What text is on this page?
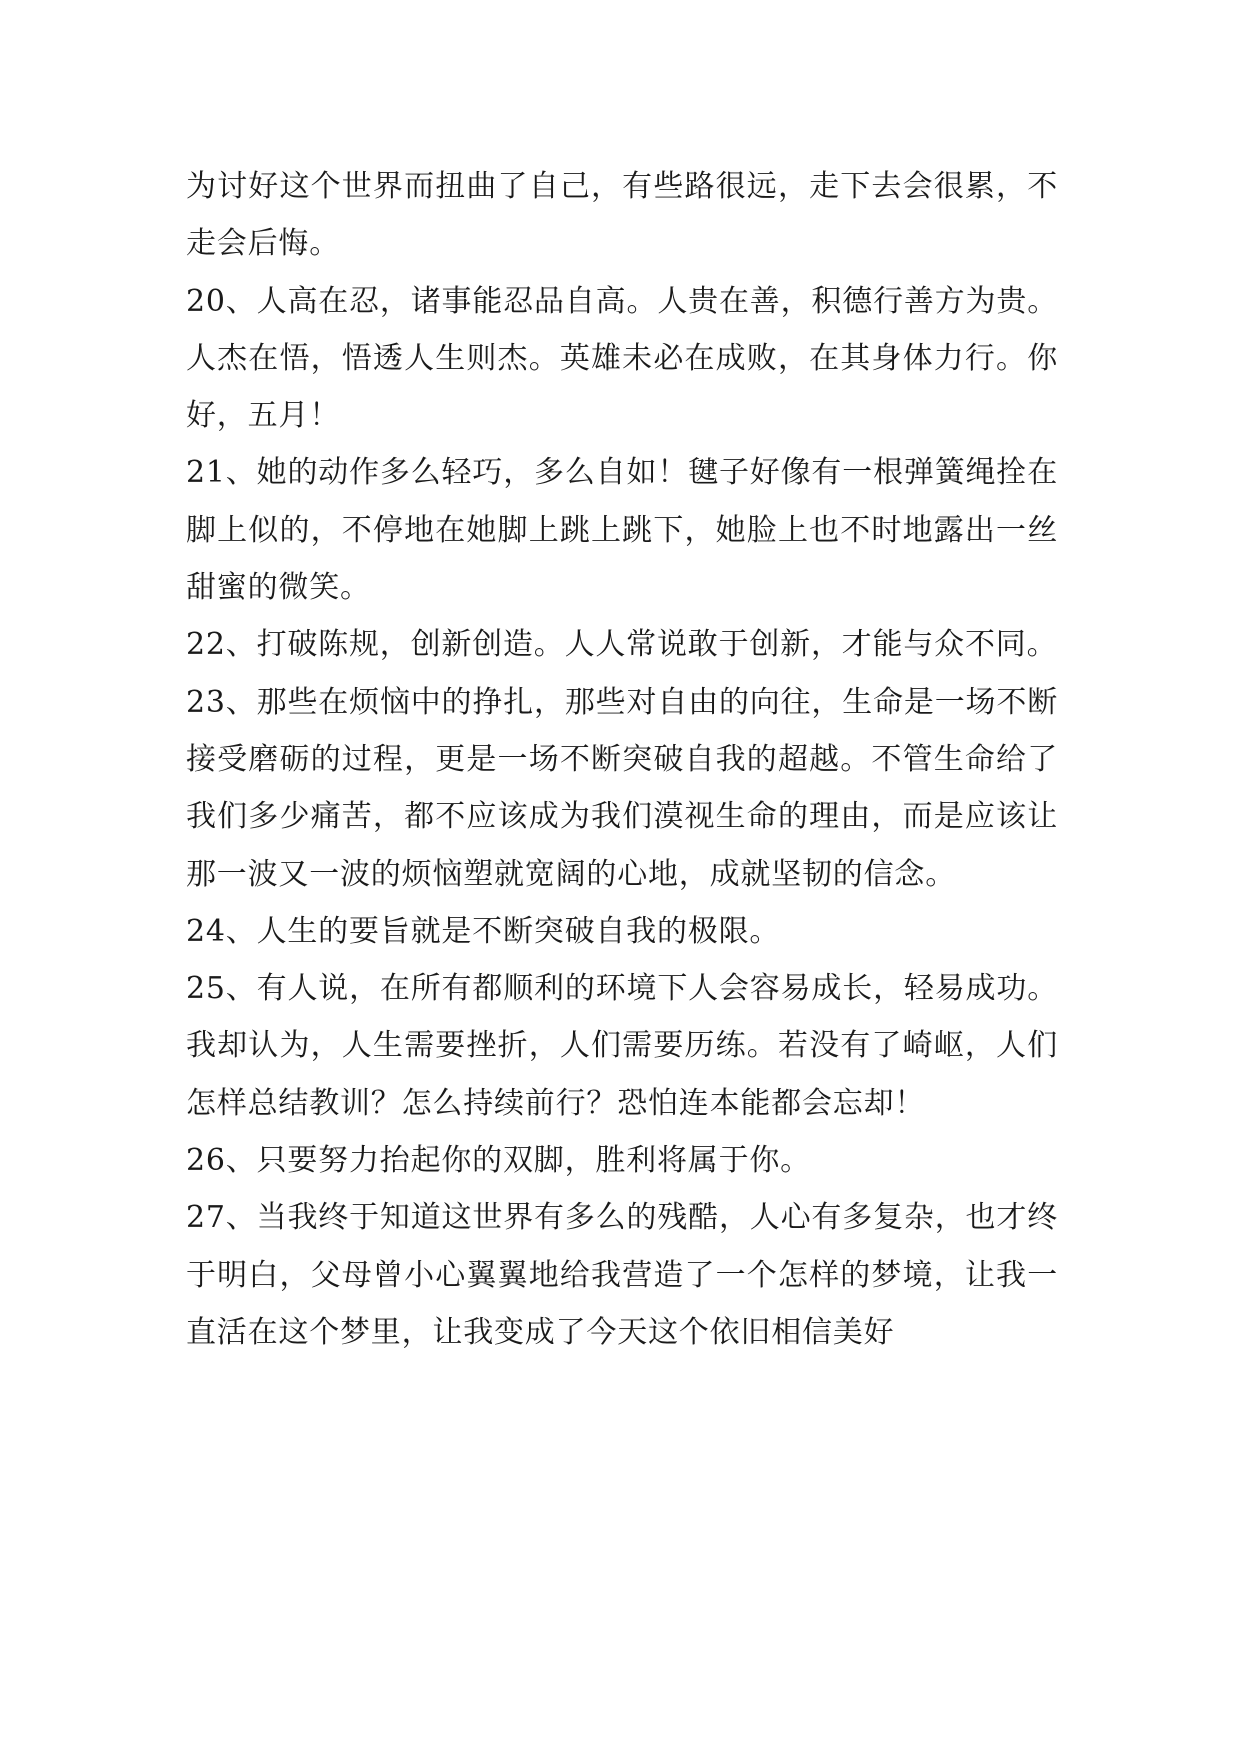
为讨好这个世界而扭曲了自己，有些路很远，走下去会很累，不走会后悔。

20、人高在忍，诸事能忍品自高。人贵在善，积德行善方为贵。人杰在悟，悟透人生则杰。英雄未必在成败，在其身体力行。你好，五月！

21、她的动作多么轻巧，多么自如！毽子好像有一根弹簧绳拴在脚上似的，不停地在她脚上跳上跳下，她脸上也不时地露出一丝甜蜜的微笑。

22、打破陈规，创新创造。人人常说敢于创新，才能与众不同。

23、那些在烦恼中的挣扎，那些对自由的向往，生命是一场不断接受磨砺的过程，更是一场不断突破自我的超越。不管生命给了我们多少痛苦，都不应该成为我们漠视生命的理由，而是应该让那一波又一波的烦恼塑就宽阔的心地，成就坚韧的信念。

24、人生的要旨就是不断突破自我的极限。

25、有人说，在所有都顺利的环境下人会容易成长，轻易成功。我却认为，人生需要挫折，人们需要历练。若没有了崎岖，人们怎样总结教训？怎么持续前行？恐怕连本能都会忘却！

26、只要努力抬起你的双脚，胜利将属于你。

27、当我终于知道这世界有多么的残酷，人心有多复杂，也才终于明白，父母曾小心翼翼地给我营造了一个怎样的梦境，让我一直活在这个梦里，让我变成了今天这个依旧相信美好
